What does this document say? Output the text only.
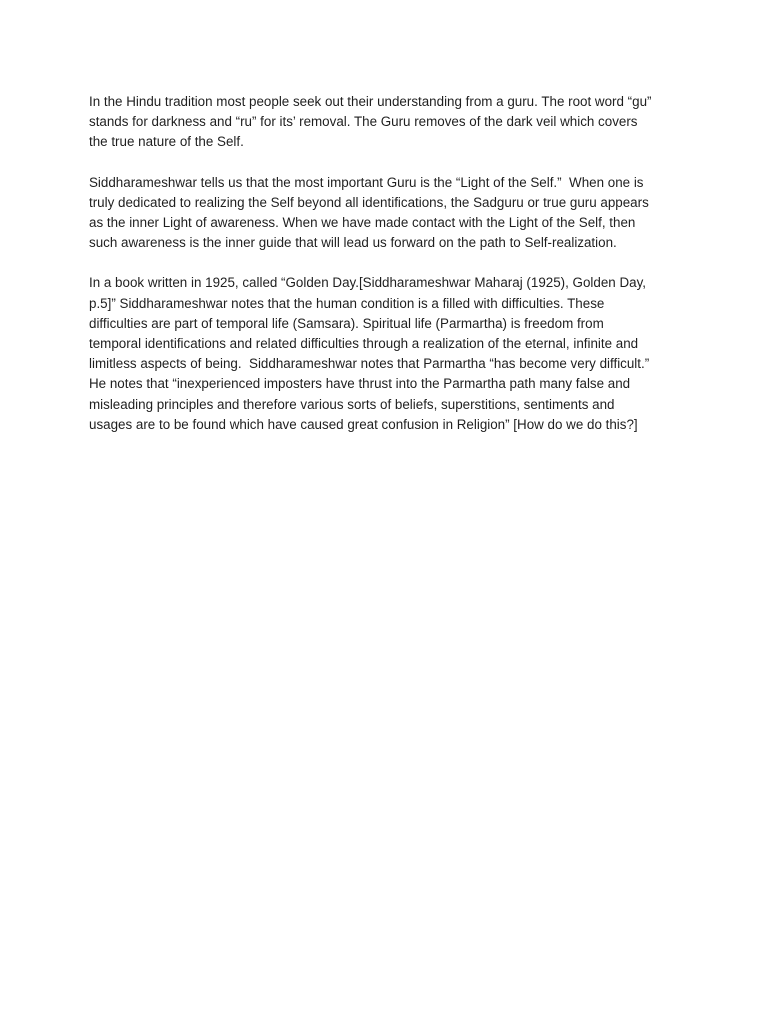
In the Hindu tradition most people seek out their understanding from a guru. The root word “gu”
stands for darkness and “ru” for its’ removal. The Guru removes of the dark veil which covers
the true nature of the Self.

Siddharameshwar tells us that the most important Guru is the “Light of the Self.”  When one is
truly dedicated to realizing the Self beyond all identifications, the Sadguru or true guru appears
as the inner Light of awareness. When we have made contact with the Light of the Self, then
such awareness is the inner guide that will lead us forward on the path to Self-realization.

In a book written in 1925, called “Golden Day.[Siddharameshwar Maharaj (1925), Golden Day,
p.5]” Siddharameshwar notes that the human condition is a filled with difficulties. These
difficulties are part of temporal life (Samsara). Spiritual life (Parmartha) is freedom from
temporal identifications and related difficulties through a realization of the eternal, infinite and
limitless aspects of being.  Siddharameshwar notes that Parmartha “has become very difficult.”
He notes that “inexperienced imposters have thrust into the Parmartha path many false and
misleading principles and therefore various sorts of beliefs, superstitions, sentiments and
usages are to be found which have caused great confusion in Religion” [How do we do this?]
